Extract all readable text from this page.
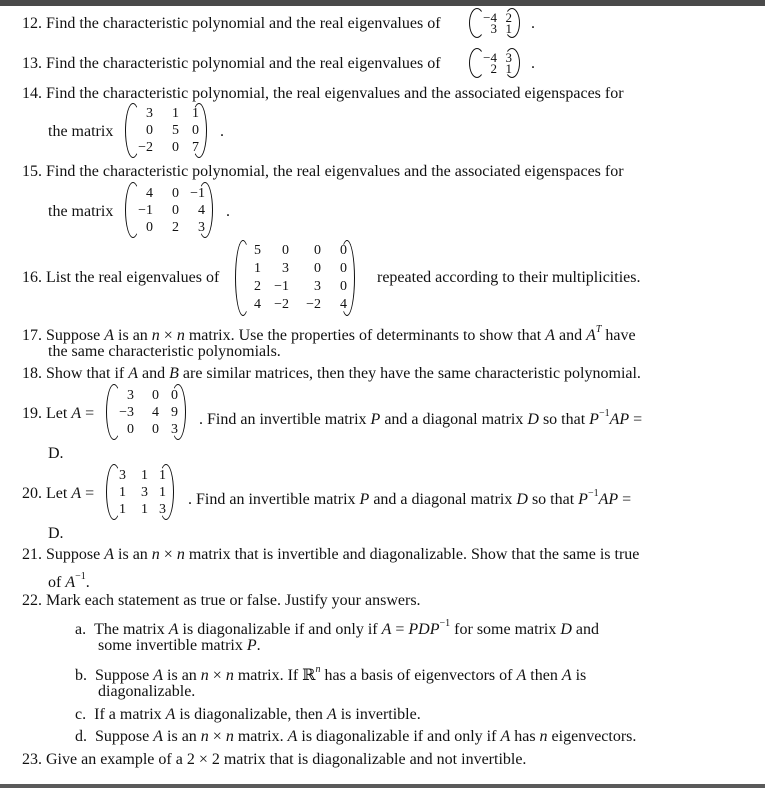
12. Find the characteristic polynomial and the real eigenvalues of	−4 2
3 1 .
13. Find the characteristic polynomial and the real eigenvalues of	−4 3
2 1 .
14. Find the characteristic polynomial, the real eigenvalues and the associated eigenspaces for
the matrix
3	1 1
0	5 0
−2	0 7
.
15. Find the characteristic polynomial, the real eigenvalues and the associated eigenspaces for
the matrix
4	0 −1
−1	0	4
0	2	3
.
16. List the real eigenvalues of
5	0	0	0
1	3	0	0
2 −1	3	0
4 −2	−2	4
repeated according to their multiplicities.
17. Suppose A is an n × n matrix. Use the properties of determinants to show that A and $A^T$ have
the same characteristic polynomials.
18. Show that if A and B are similar matrices, then they have the same characteristic polynomial.
19. Let A =
3	0 0
−3	4 9
0	0 3
. Find an invertible matrix P and a diagonal matrix D so that $P^{-1}AP$ =
D.
20. Let A =
3	1 1
1	3 1
1	1 3
. Find an invertible matrix P and a diagonal matrix D so that $P^{-1}AP$ =
D.
21. Suppose A is an n × n matrix that is invertible and diagonalizable. Show that the same is true
of $A^{-1}$.
22. Mark each statement as true or false. Justify your answers.
a. The matrix A is diagonalizable if and only if $A = PDP^{-1}$ for some matrix D and
some invertible matrix P.
b. Suppose A is an n × n matrix. If ℝ$^n$ has a basis of eigenvectors of A then A is
diagonalizable.
c. If a matrix A is diagonalizable, then A is invertible.
d. Suppose A is an n × n matrix. A is diagonalizable if and only if A has n eigenvectors.
23. Give an example of a 2 × 2 matrix that is diagonalizable and not invertible.
